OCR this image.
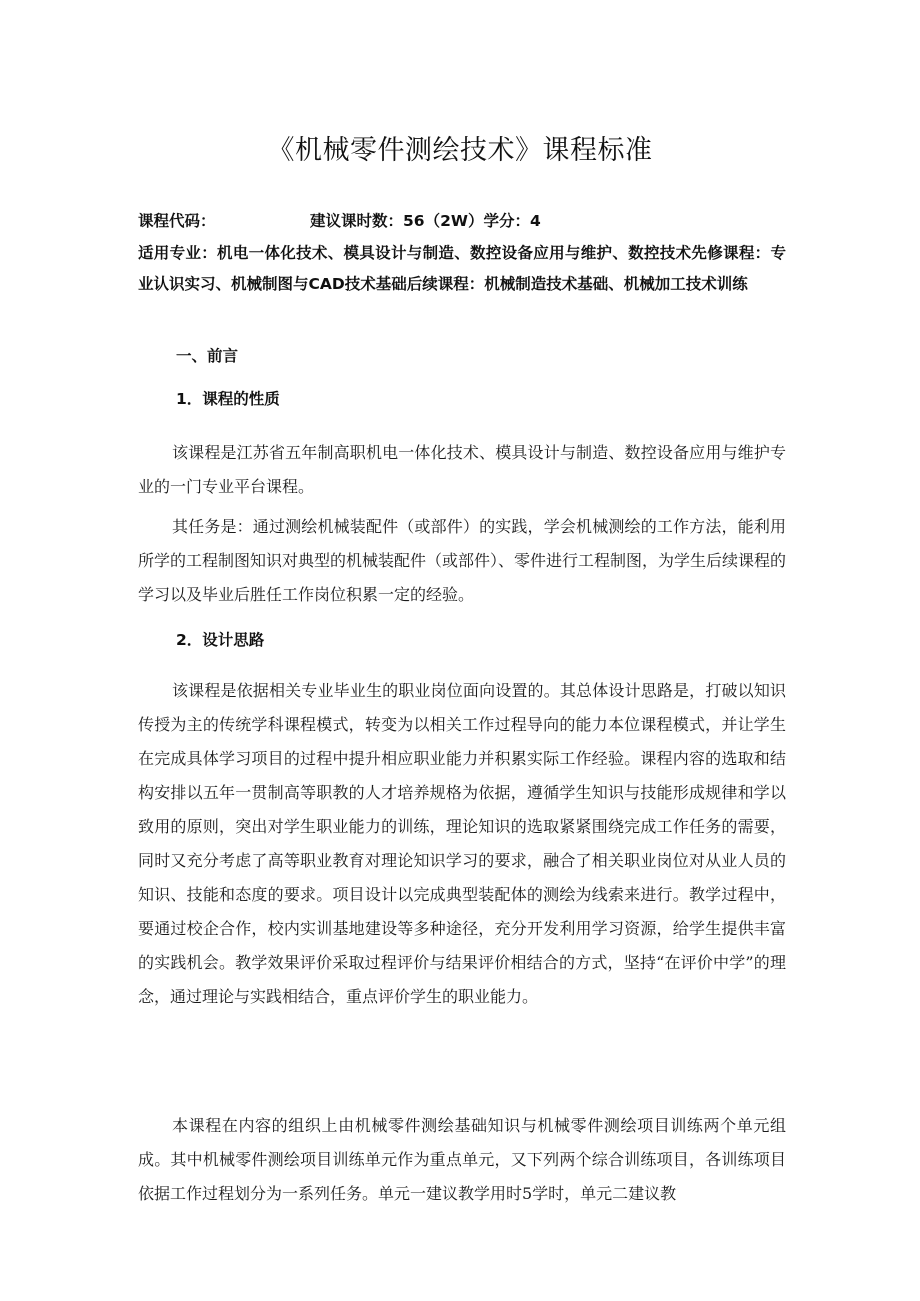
《机械零件测绘技术》课程标准
课程代码：	建议课时数：56（2W）学分：4
适用专业：机电一体化技术、模具设计与制造、数控设备应用与维护、数控技术先修课程：专业认识实习、机械制图与CAD技术基础后续课程：机械制造技术基础、机械加工技术训练
一、前言
1．课程的性质
该课程是江苏省五年制高职机电一体化技术、模具设计与制造、数控设备应用与维护专业的一门专业平台课程。
其任务是：通过测绘机械装配件（或部件）的实践，学会机械测绘的工作方法，能利用所学的工程制图知识对典型的机械装配件（或部件）、零件进行工程制图，为学生后续课程的学习以及毕业后胜任工作岗位积累一定的经验。
2．设计思路
该课程是依据相关专业毕业生的职业岗位面向设置的。其总体设计思路是，打破以知识传授为主的传统学科课程模式，转变为以相关工作过程导向的能力本位课程模式，并让学生在完成具体学习项目的过程中提升相应职业能力并积累实际工作经验。课程内容的选取和结构安排以五年一贯制高等职教的人才培养规格为依据，遵循学生知识与技能形成规律和学以致用的原则，突出对学生职业能力的训练，理论知识的选取紧紧围绕完成工作任务的需要，同时又充分考虑了高等职业教育对理论知识学习的要求，融合了相关职业岗位对从业人员的知识、技能和态度的要求。项目设计以完成典型装配体的测绘为线索来进行。教学过程中，要通过校企合作，校内实训基地建设等多种途径，充分开发利用学习资源，给学生提供丰富的实践机会。教学效果评价采取过程评价与结果评价相结合的方式，坚持“在评价中学”的理念，通过理论与实践相结合，重点评价学生的职业能力。
本课程在内容的组织上由机械零件测绘基础知识与机械零件测绘项目训练两个单元组成。其中机械零件测绘项目训练单元作为重点单元，又下列两个综合训练项目，各训练项目依据工作过程划分为一系列任务。单元一建议教学用时5学时，单元二建议教
